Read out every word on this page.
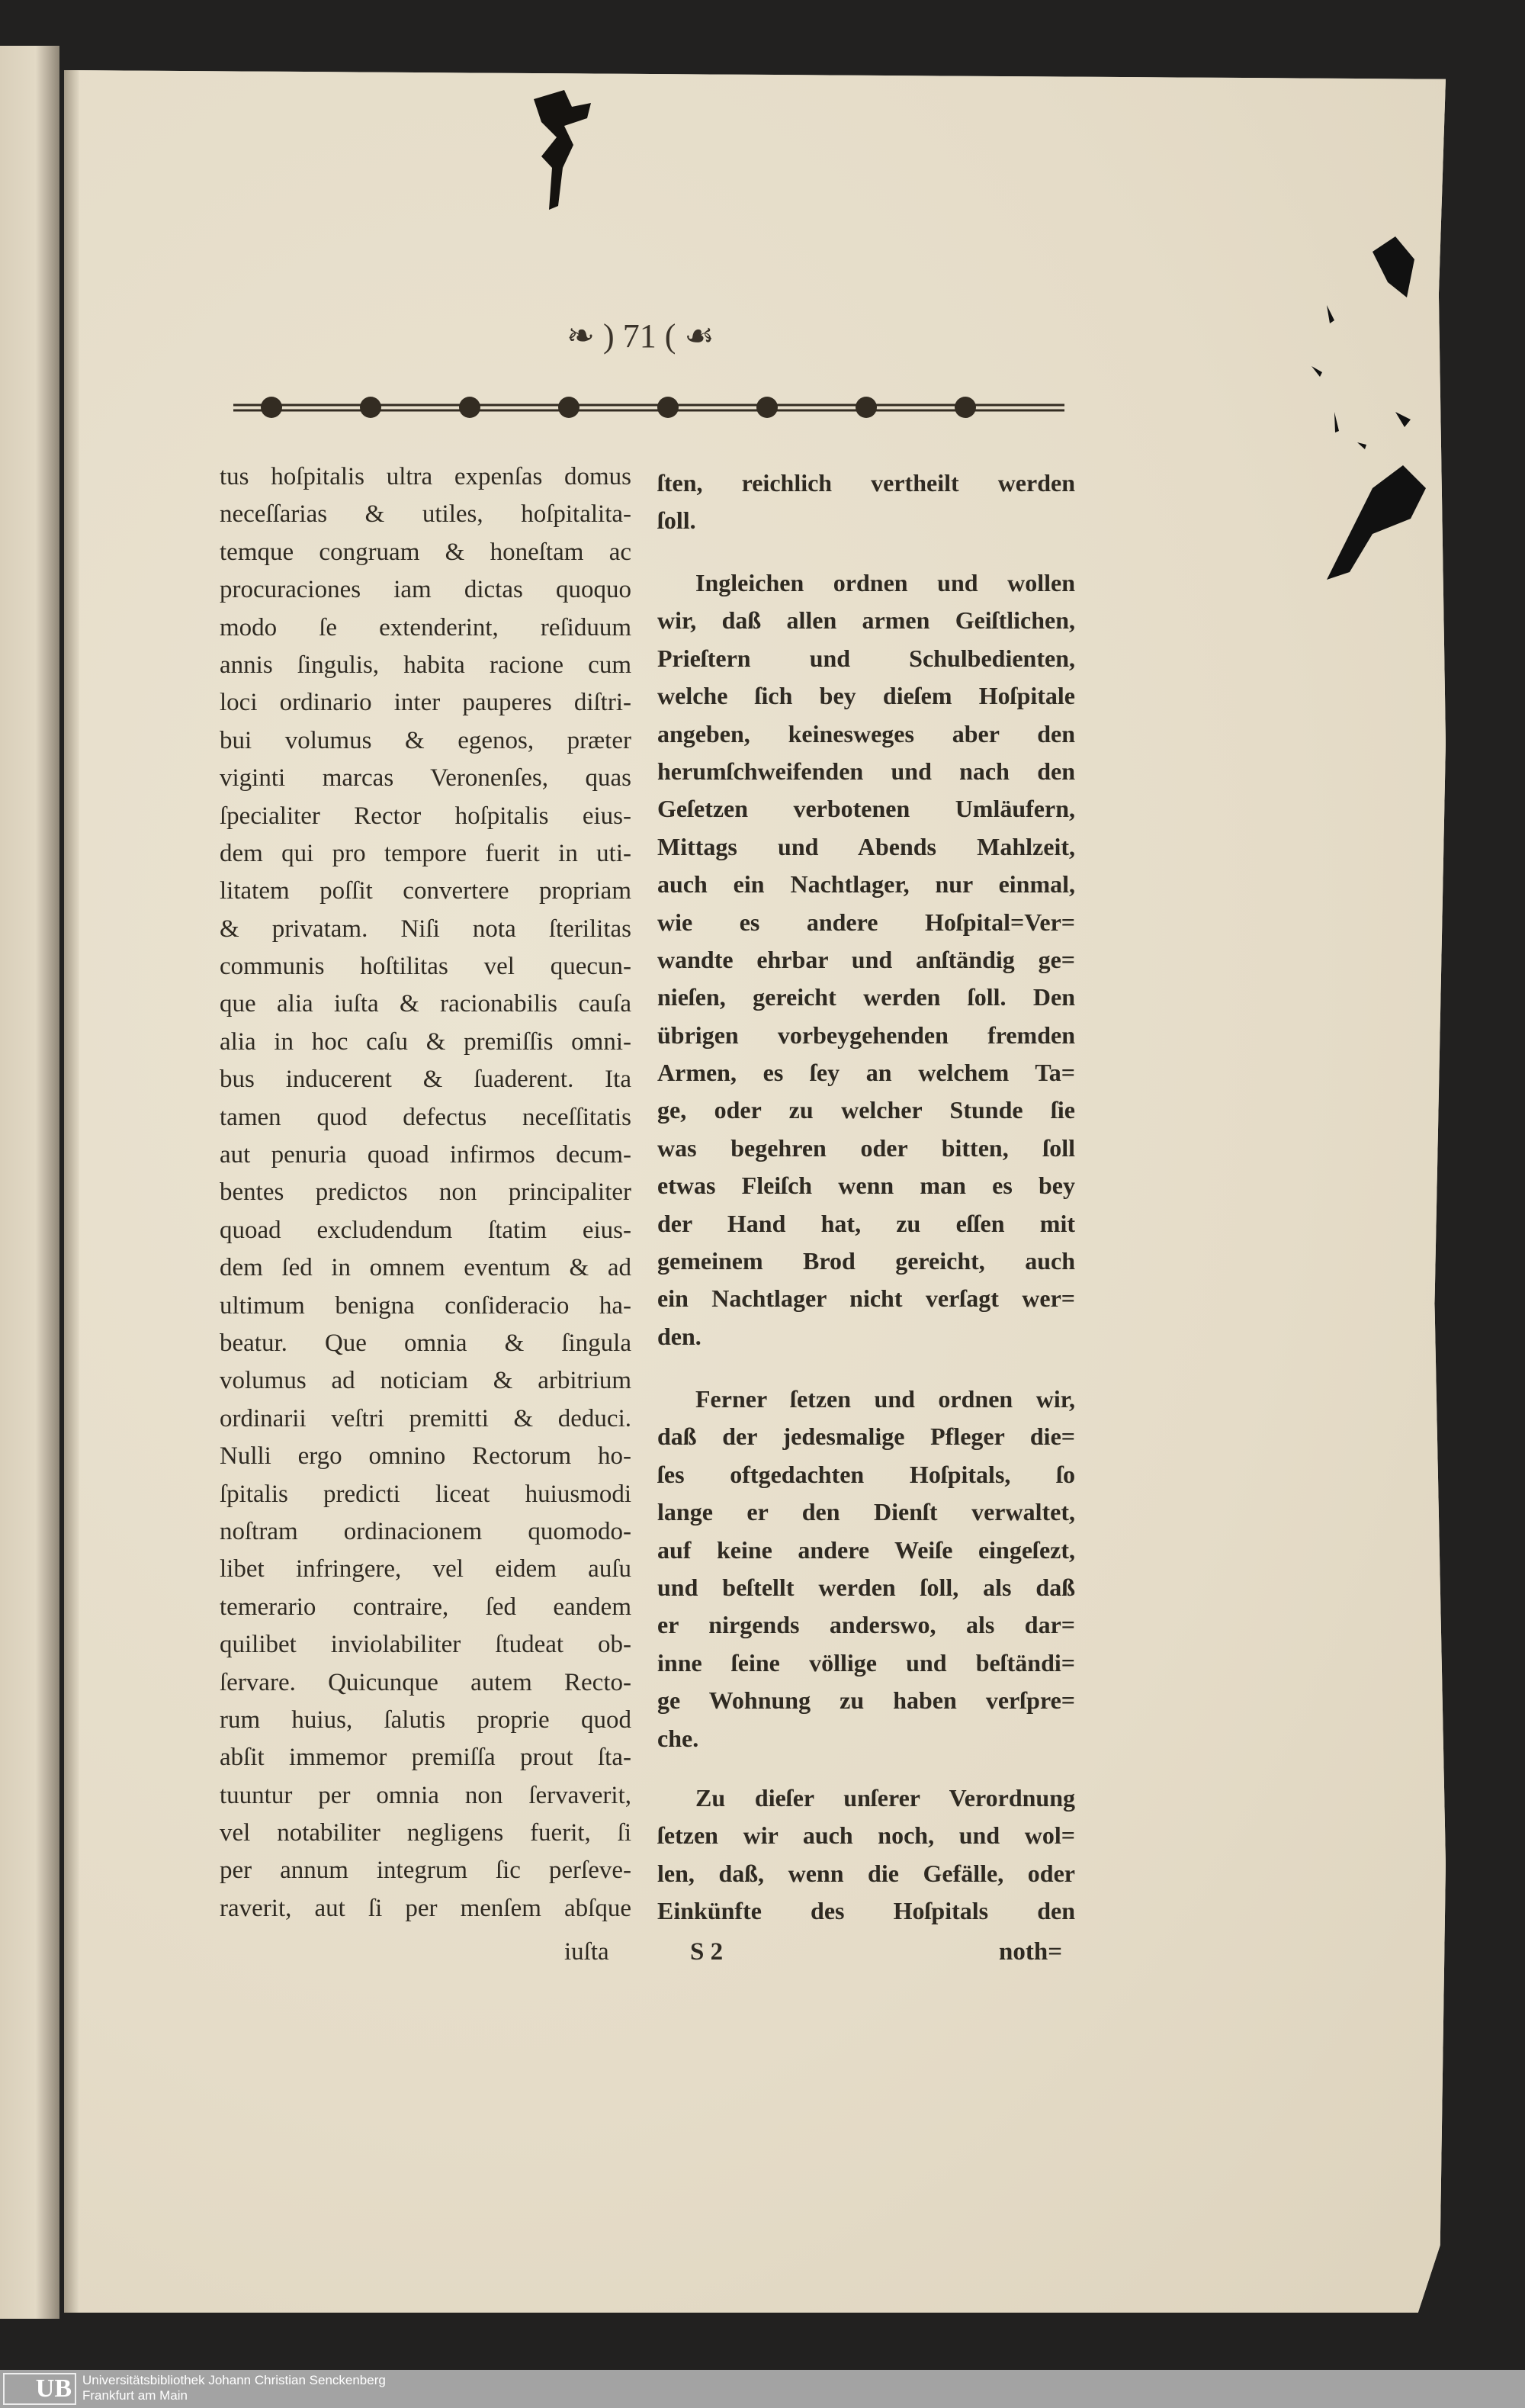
❧ ) 71 ( ☙
tus hoſpitalis ultra expenſas domus
neceſſarias & utiles, hoſpitalita-
temque congruam & honeſtam ac
procuraciones iam dictas quoquo
modo ſe extenderint, reſiduum
annis ſingulis, habita racione cum
loci ordinario inter pauperes diſtri-
bui volumus & egenos, præter
viginti marcas Veronenſes, quas
ſpecialiter Rector hoſpitalis eius-
dem qui pro tempore fuerit in uti-
litatem poſſit convertere propriam
& privatam. Niſi nota ſterilitas
communis hoſtilitas vel quecun-
que alia iuſta & racionabilis cauſa
alia in hoc caſu & premiſſis omni-
bus inducerent & ſuaderent. Ita
tamen quod defectus neceſſitatis
aut penuria quoad infirmos decum-
bentes predictos non principaliter
quoad excludendum ſtatim eius-
dem ſed in omnem eventum & ad
ultimum benigna conſideracio ha-
beatur. Que omnia & ſingula
volumus ad noticiam & arbitrium
ordinarii veſtri premitti & deduci.
Nulli ergo omnino Rectorum ho-
ſpitalis predicti liceat huiusmodi
noſtram ordinacionem quomodo-
libet infringere, vel eidem auſu
temerario contraire, ſed eandem
quilibet inviolabiliter ſtudeat ob-
ſervare. Quicunque autem Recto-
rum huius, ſalutis proprie quod
abſit immemor premiſſa prout ſta-
tuuntur per omnia non ſervaverit,
vel notabiliter negligens fuerit, ſi
per annum integrum ſic perſeve-
raverit, aut ſi per menſem abſque
ſten, reichlich vertheilt werden
ſoll.
Ingleichen ordnen und wollen
wir, daß allen armen Geiſtlichen,
Prieſtern und Schulbedienten,
welche ſich bey dieſem Hoſpitale
angeben, keinesweges aber den
herumſchweifenden und nach den
Geſetzen verbotenen Umläufern,
Mittags und Abends Mahlzeit,
auch ein Nachtlager, nur einmal,
wie es andere Hoſpital=Ver=
wandte ehrbar und anſtändig ge=
nieſen, gereicht werden ſoll. Den
übrigen vorbeygehenden fremden
Armen, es ſey an welchem Ta=
ge, oder zu welcher Stunde ſie
was begehren oder bitten, ſoll
etwas Fleiſch wenn man es bey
der Hand hat, zu eſſen mit
gemeinem Brod gereicht, auch
ein Nachtlager nicht verſagt wer=
den.
Ferner ſetzen und ordnen wir,
daß der jedesmalige Pfleger die=
ſes oftgedachten Hoſpitals, ſo
lange er den Dienſt verwaltet,
auf keine andere Weiſe eingeſezt,
und beſtellt werden ſoll, als daß
er nirgends anderswo, als dar=
inne ſeine völlige und beſtändi=
ge Wohnung zu haben verſpre=
che.
Zu dieſer unſerer Verordnung
ſetzen wir auch noch, und wol=
len, daß, wenn die Gefälle, oder
Einkünfte des Hoſpitals den
iuſta	S 2	noth=
UB Universitätsbibliothek Johann Christian Senckenberg
Frankfurt am Main
